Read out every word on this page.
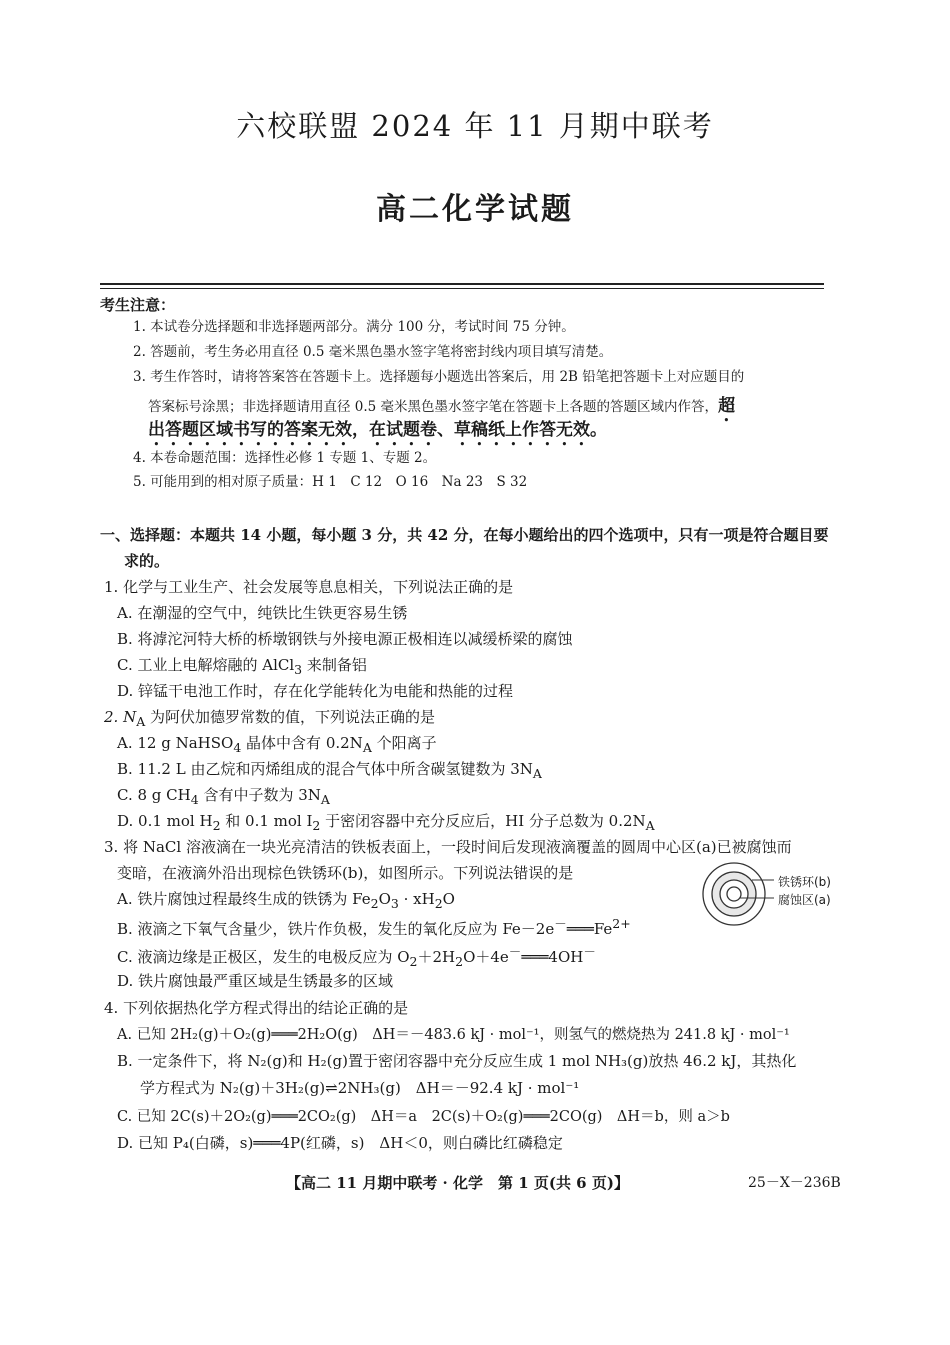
六校联盟 2024 年 11 月期中联考
高二化学试题
考生注意：
1. 本试卷分选择题和非选择题两部分。满分 100 分，考试时间 75 分钟。
2. 答题前，考生务必用直径 0.5 毫米黑色墨水签字笔将密封线内项目填写清楚。
3. 考生作答时，请将答案答在答题卡上。选择题每小题选出答案后，用 2B 铅笔把答题卡上对应题目的
答案标号涂黑；非选择题请用直径 0.5 毫米黑色墨水签字笔在答题卡上各题的答题区域内作答，超
出答题区域书写的答案无效，在试题卷、草稿纸上作答无效。
4. 本卷命题范围：选择性必修 1 专题 1、专题 2。
5. 可能用到的相对原子质量：H 1　C 12　O 16　Na 23　S 32
一、选择题：本题共 14 小题，每小题 3 分，共 42 分，在每小题给出的四个选项中，只有一项是符合题目要
求的。
1. 化学与工业生产、社会发展等息息相关，下列说法正确的是
A. 在潮湿的空气中，纯铁比生铁更容易生锈
B. 将滹沱河特大桥的桥墩钢铁与外接电源正极相连以减缓桥梁的腐蚀
C. 工业上电解熔融的 AlCl$_3$ 来制备铝
D. 锌锰干电池工作时，存在化学能转化为电能和热能的过程
2. $N_A$ 为阿伏加德罗常数的值，下列说法正确的是
A. 12 g NaHSO$_4$ 晶体中含有 $0.2N_A$ 个阳离子
B. 11.2 L 由乙烷和丙烯组成的混合气体中所含碳氢键数为 $3N_A$
C. 8 g $CH_4$ 含有中子数为 $3N_A$
D. 0.1 mol $H_2$ 和 0.1 mol $I_2$ 于密闭容器中充分反应后，HI 分子总数为 $0.2N_A$
3. 将 NaCl 溶液滴在一块光亮清洁的铁板表面上，一段时间后发现液滴覆盖的圆周中心区(a)已被腐蚀而
变暗，在液滴外沿出现棕色铁锈环(b)，如图所示。下列说法错误的是
A. 铁片腐蚀过程最终生成的铁锈为 $Fe_2O_3 \cdot xH_2O$
B. 液滴之下氧气含量少，铁片作负极，发生的氧化反应为 $Fe-2e^-═══Fe^{2+}$
C. 液滴边缘是正极区，发生的电极反应为 $O_2+2H_2O+4e^-═══4OH^-$
D. 铁片腐蚀最严重区域是生锈最多的区域
铁锈环(b)
腐蚀区(a)
4. 下列依据热化学方程式得出的结论正确的是
A. 已知 2H₂(g)＋O₂(g)═══2H₂O(g)　ΔH＝－483.6 kJ · mol⁻¹，则氢气的燃烧热为 241.8 kJ · mol⁻¹
B. 一定条件下，将 N₂(g)和 H₂(g)置于密闭容器中充分反应生成 1 mol NH₃(g)放热 46.2 kJ，其热化
学方程式为 N₂(g)＋3H₂(g)⇌2NH₃(g)　ΔH＝－92.4 kJ · mol⁻¹
C. 已知 2C(s)＋2O₂(g)═══2CO₂(g)　ΔH＝a　2C(s)＋O₂(g)═══2CO(g)　ΔH＝b，则 a＞b
D. 已知 P₄(白磷，s)═══4P(红磷，s)　ΔH＜0，则白磷比红磷稳定
【高二 11 月期中联考 · 化学　第 1 页(共 6 页)】	25－X－236B
